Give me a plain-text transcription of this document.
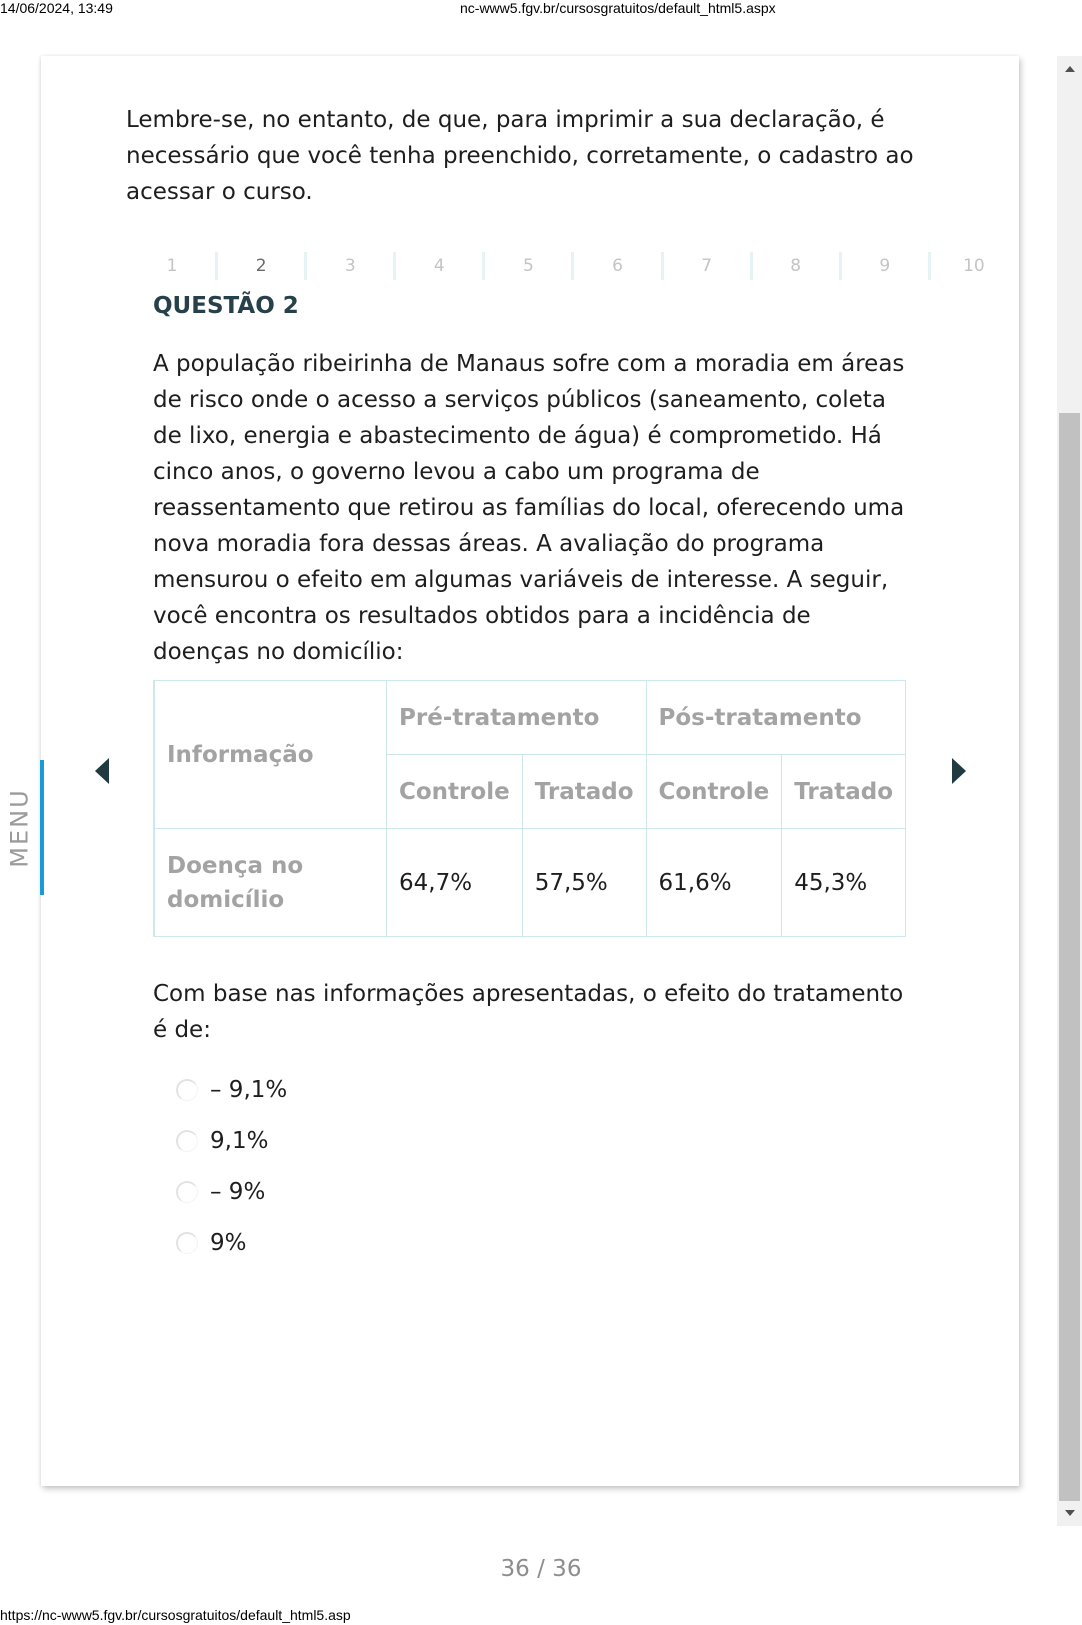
14/06/2024, 13:49	nc-www5.fgv.br/cursosgratuitos/default_html5.aspx
Lembre-se, no entanto, de que, para imprimir a sua declaração, é necessário que você tenha preenchido, corretamente, o cadastro ao acessar o curso.
1	2	3	4	5	6	7	8	9	10
QUESTÃO 2
A população ribeirinha de Manaus sofre com a moradia em áreas de risco onde o acesso a serviços públicos (saneamento, coleta de lixo, energia e abastecimento de água) é comprometido. Há cinco anos, o governo levou a cabo um programa de reassentamento que retirou as famílias do local, oferecendo uma nova moradia fora dessas áreas. A avaliação do programa mensurou o efeito em algumas variáveis de interesse. A seguir, você encontra os resultados obtidos para a incidência de doenças no domicílio:
Informação	Pré-tratamento		Pós-tratamento	
	Controle	Tratado	Controle	Tratado
Doença no domicílio	64,7%	57,5%	61,6%	45,3%
Com base nas informações apresentadas, o efeito do tratamento é de:
– 9,1%
9,1%
– 9%
9%
MENU
36 / 36
https://nc-www5.fgv.br/cursosgratuitos/default_html5.asp
